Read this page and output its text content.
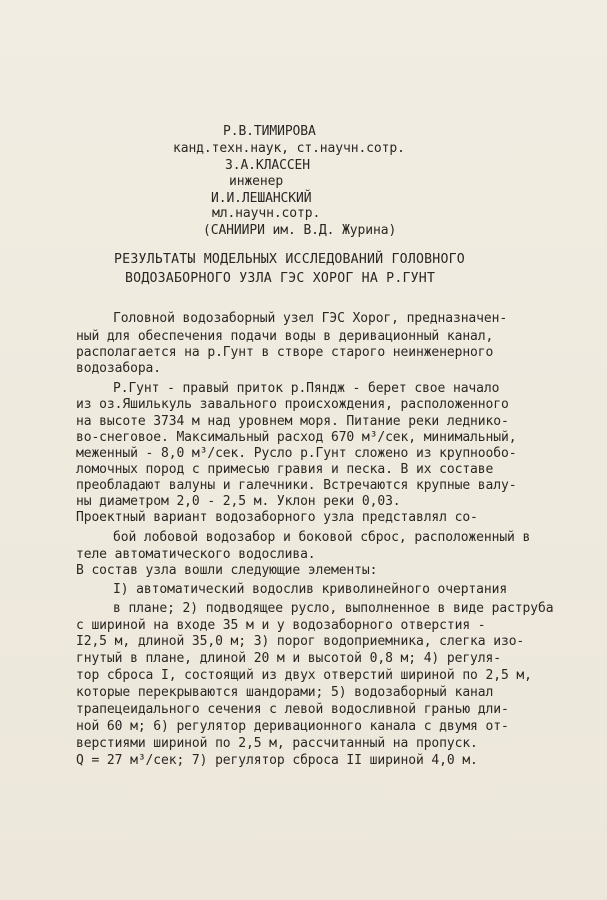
Р.В.ТИМИРОВА
канд.техн.наук, ст.научн.сотр.
З.А.КЛАССЕН
инженер
И.И.ЛЕШАНСКИЙ
мл.научн.сотр.
(САНИИРИ им. В.Д. Журина)
РЕЗУЛЬТАТЫ МОДЕЛЬНЫХ ИССЛЕДОВАНИЙ ГОЛОВНОГО
ВОДОЗАБОРНОГО УЗЛА ГЭС ХОРОГ НА Р.ГУНТ
Головной водозаборный узел ГЭС Хорог, предназначен-
ный для обеспечения подачи воды в деривационный канал,
располагается на р.Гунт в створе старого неинженерного
водозабора.
Р.Гунт - правый приток р.Пяндж - берет свое начало
из оз.Яшилькуль завального происхождения, расположенного
на высоте 3734 м над уровнем моря. Питание реки леднико-
во-снеговое. Максимальный расход 670 м³/сек, минимальный,
меженный - 8,0 м³/сек. Русло р.Гунт сложено из крупнообо-
ломочных пород с примесью гравия и песка. В их составе
преобладают валуны и галечники. Встречаются крупные валу-
ны диаметром 2,0 - 2,5 м. Уклон реки 0,03.
Проектный вариант водозаборного узла представлял со-
бой лобовой водозабор и боковой сброс, расположенный в
теле автоматического водослива.
В состав узла вошли следующие элементы:
I) автоматический водослив криволинейного очертания
в плане; 2) подводящее русло, выполненное в виде раструба
с шириной на входе 35 м и у водозаборного отверстия -
I2,5 м, длиной 35,0 м; 3) порог водоприемника, слегка изо-
гнутый в плане, длиной 20 м и высотой 0,8 м; 4) регуля-
тор сброса I, состоящий из двух отверстий шириной по 2,5 м,
которые перекрываются шандорами; 5) водозаборный канал
трапецеидального сечения с левой водосливной гранью дли-
ной 60 м; 6) регулятор деривационного канала с двумя от-
верстиями шириной по 2,5 м, рассчитанный на пропуск.
Q = 27 м³/сек; 7) регулятор сброса II шириной 4,0 м.
